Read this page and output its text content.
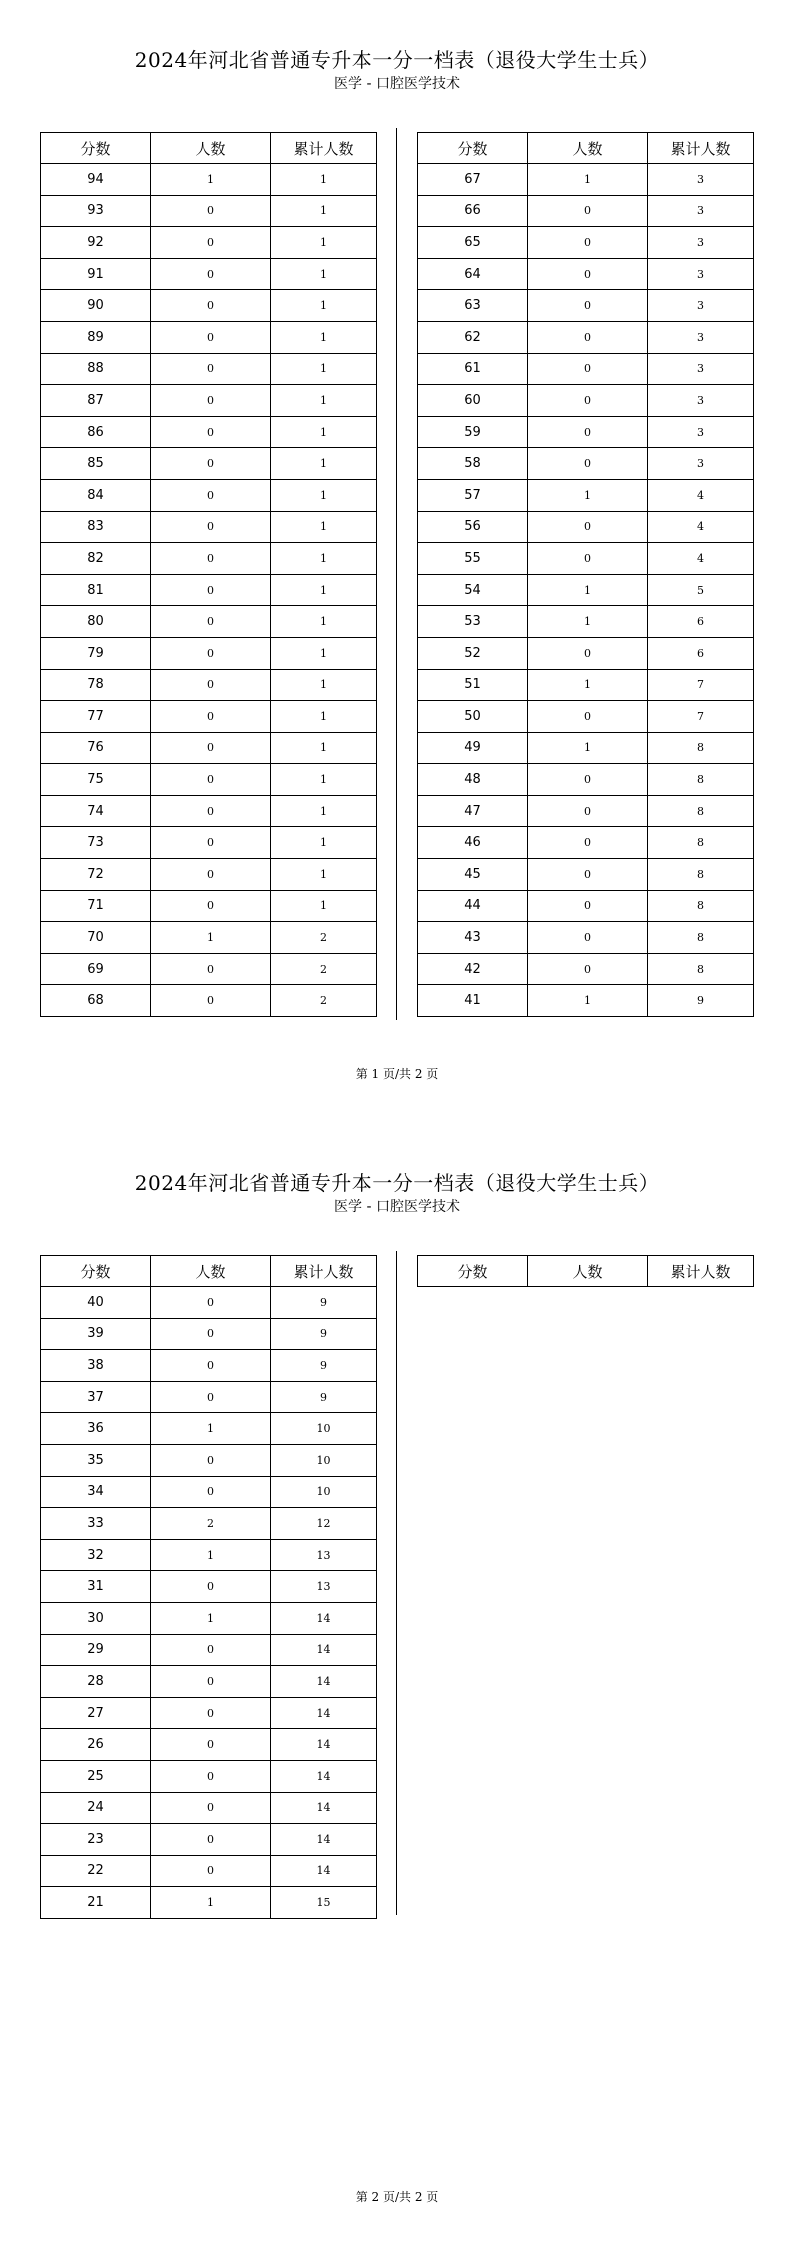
2024年河北省普通专升本一分一档表（退役大学生士兵）
医学 - 口腔医学技术
分数	人数	累计人数
94	1	1
93	0	1
92	0	1
91	0	1
90	0	1
89	0	1
88	0	1
87	0	1
86	0	1
85	0	1
84	0	1
83	0	1
82	0	1
81	0	1
80	0	1
79	0	1
78	0	1
77	0	1
76	0	1
75	0	1
74	0	1
73	0	1
72	0	1
71	0	1
70	1	2
69	0	2
68	0	2
分数	人数	累计人数
67	1	3
66	0	3
65	0	3
64	0	3
63	0	3
62	0	3
61	0	3
60	0	3
59	0	3
58	0	3
57	1	4
56	0	4
55	0	4
54	1	5
53	1	6
52	0	6
51	1	7
50	0	7
49	1	8
48	0	8
47	0	8
46	0	8
45	0	8
44	0	8
43	0	8
42	0	8
41	1	9
第 1 页/共 2 页
2024年河北省普通专升本一分一档表（退役大学生士兵）
医学 - 口腔医学技术
分数	人数	累计人数
40	0	9
39	0	9
38	0	9
37	0	9
36	1	10
35	0	10
34	0	10
33	2	12
32	1	13
31	0	13
30	1	14
29	0	14
28	0	14
27	0	14
26	0	14
25	0	14
24	0	14
23	0	14
22	0	14
21	1	15
分数	人数	累计人数
第 2 页/共 2 页
